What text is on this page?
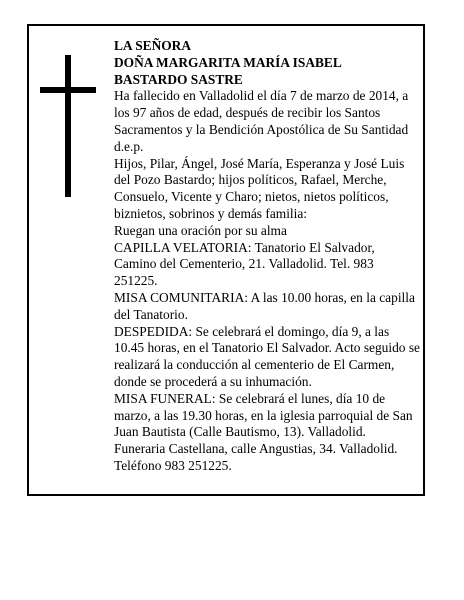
LA SEÑORA

DOÑA MARGARITA MARÍA ISABEL

BASTARDO SASTRE

Ha fallecido en Valladolid el día 7 de marzo de 2014, a los 97 años de edad, después de recibir los Santos Sacramentos y la Bendición Apostólica de Su Santidad

d.e.p.

Hijos, Pilar, Ángel, José María, Esperanza y José Luis del Pozo Bastardo; hijos políticos, Rafael, Merche, Consuelo, Vicente y Charo; nietos, nietos políticos, biznietos, sobrinos y demás familia:

Ruegan una oración por su alma

CAPILLA VELATORIA: Tanatorio El Salvador, Camino del Cementerio, 21. Valladolid. Tel. 983 251225.

MISA COMUNITARIA: A las 10.00 horas, en la capilla del Tanatorio.

DESPEDIDA: Se celebrará el domingo, día 9, a las 10.45 horas, en el Tanatorio El Salvador. Acto seguido se realizará la conducción al cementerio de El Carmen, donde se procederá a su inhumación.

MISA FUNERAL: Se celebrará el lunes, día 10 de marzo, a las 19.30 horas, en la iglesia parroquial de San Juan Bautista (Calle Bautismo, 13). Valladolid.

Funeraria Castellana, calle Angustias, 34. Valladolid. Teléfono 983 251225.
